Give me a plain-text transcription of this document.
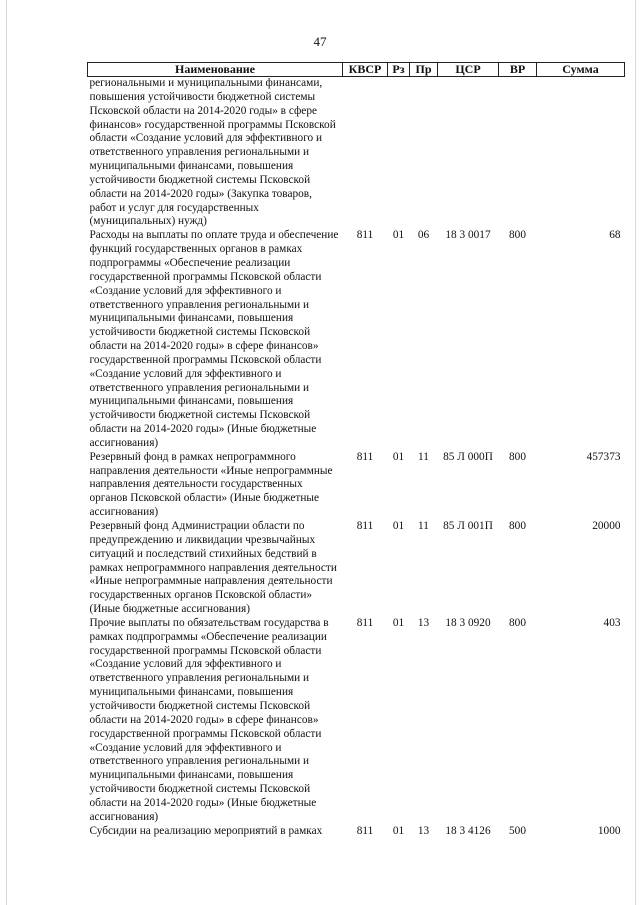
47
Наименование	КВСР	Рз	Пр	ЦСР	ВР	Сумма
региональными и муниципальными финансами, повышения устойчивости бюджетной системы Псковской области на 2014-2020 годы» в сфере финансов» государственной программы Псковской области «Создание условий для эффективного и ответственного управления региональными и муниципальными финансами, повышения устойчивости бюджетной системы Псковской области на 2014-2020 годы» (Закупка товаров, работ и услуг для государственных (муниципальных) нужд)						
Расходы на выплаты по оплате труда и обеспечение функций государственных органов в рамках подпрограммы «Обеспечение реализации государственной программы Псковской области «Создание условий для эффективного и ответственного управления региональными и муниципальными финансами, повышения устойчивости бюджетной системы Псковской области на 2014-2020 годы» в сфере финансов» государственной программы Псковской области «Создание условий для эффективного и ответственного управления региональными и муниципальными финансами, повышения устойчивости бюджетной системы Псковской области на 2014-2020 годы» (Иные бюджетные ассигнования)	811	01	06	18 3 0017	800	68
Резервный фонд в рамках непрограммного направления деятельности «Иные непрограммные направления деятельности государственных органов Псковской области» (Иные бюджетные ассигнования)	811	01	11	85 Л 000П	800	457373
Резервный фонд Администрации области по предупреждению и ликвидации чрезвычайных ситуаций и последствий стихийных бедствий в рамках непрограммного направления деятельности «Иные непрограммные направления деятельности государственных органов Псковской области» (Иные бюджетные ассигнования)	811	01	11	85 Л 001П	800	20000
Прочие выплаты по обязательствам государства в рамках подпрограммы «Обеспечение реализации государственной программы Псковской области «Создание условий для эффективного и ответственного управления региональными и муниципальными финансами, повышения устойчивости бюджетной системы Псковской области на 2014-2020 годы» в сфере финансов» государственной программы Псковской области «Создание условий для эффективного и ответственного управления региональными и муниципальными финансами, повышения устойчивости бюджетной системы Псковской области на 2014-2020 годы» (Иные бюджетные ассигнования)	811	01	13	18 3 0920	800	403
Субсидии на реализацию мероприятий в рамках	811	01	13	18 3 4126	500	1000
